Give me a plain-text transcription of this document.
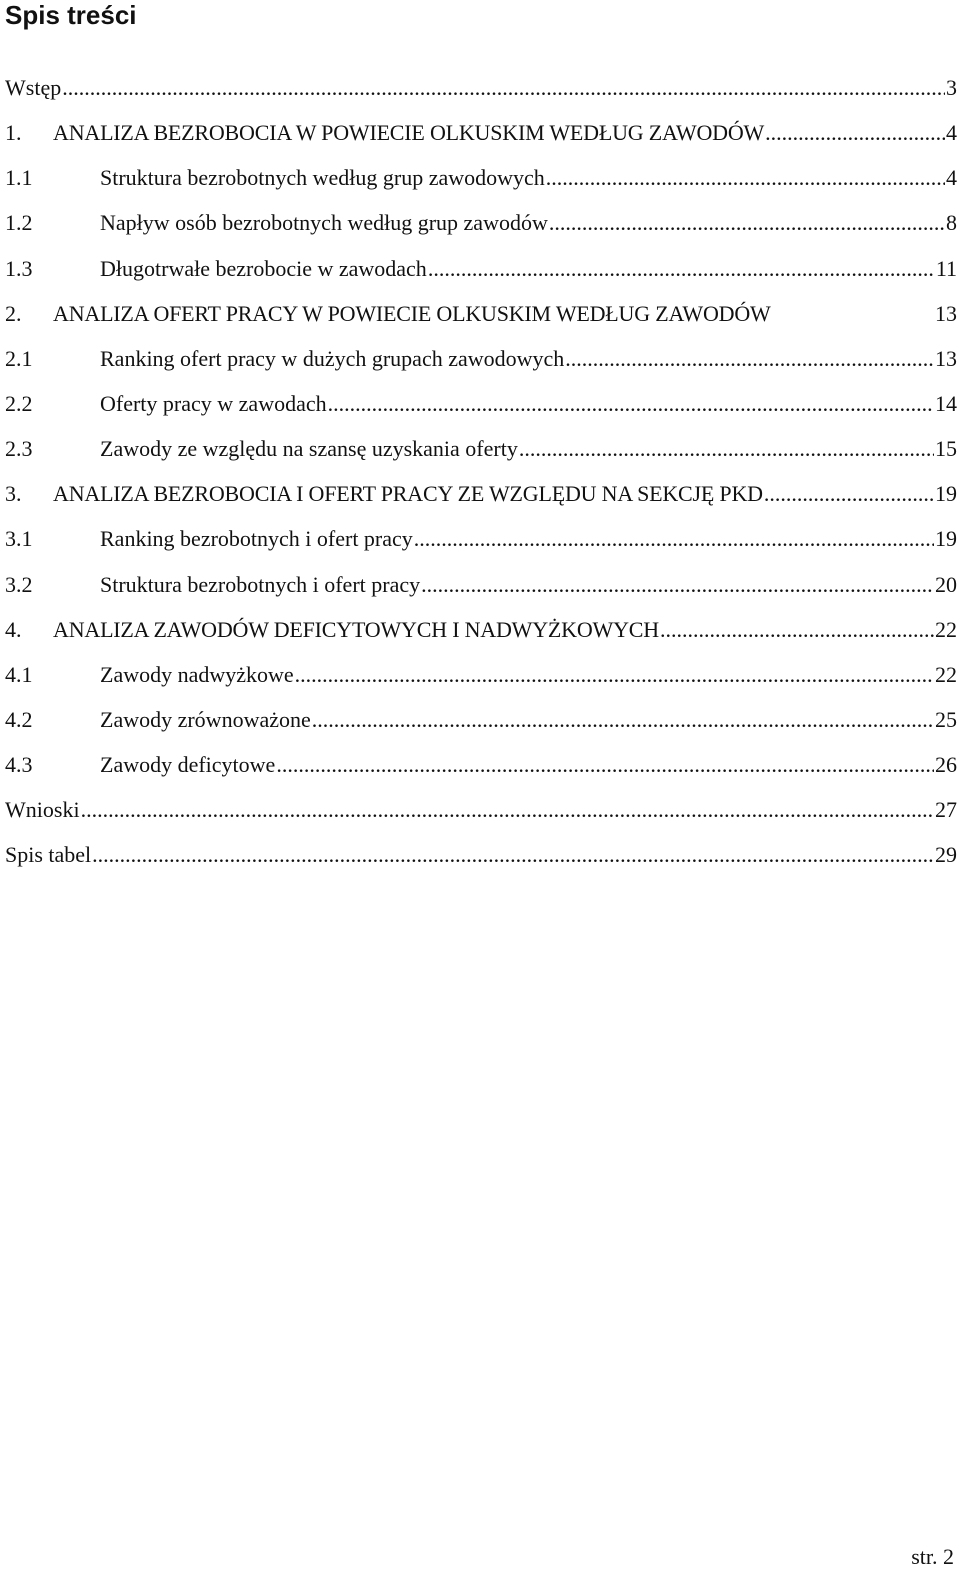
Spis treści
Wstęp .....	3
1.	ANALIZA BEZROBOCIA W POWIECIE OLKUSKIM WEDŁUG ZAWODÓW .....	4
1.1	Struktura bezrobotnych według grup zawodowych .....	4
1.2	Napływ osób bezrobotnych według grup zawodów .....	8
1.3	Długotrwałe bezrobocie w zawodach .....	11
2.	ANALIZA OFERT PRACY W POWIECIE OLKUSKIM WEDŁUG ZAWODÓW	13
2.1	Ranking ofert pracy w dużych grupach zawodowych .....	13
2.2	Oferty pracy w zawodach .....	14
2.3	Zawody ze względu na szansę uzyskania oferty .....	15
3.	ANALIZA BEZROBOCIA I OFERT PRACY ZE WZGLĘDU NA SEKCJĘ PKD .....	19
3.1	Ranking bezrobotnych i ofert pracy .....	19
3.2	Struktura bezrobotnych i ofert pracy .....	20
4.	ANALIZA ZAWODÓW DEFICYTOWYCH I NADWYŻKOWYCH .....	22
4.1	Zawody nadwyżkowe .....	22
4.2	Zawody zrównoważone .....	25
4.3	Zawody deficytowe .....	26
Wnioski .....	27
Spis tabel .....	29
str. 2
